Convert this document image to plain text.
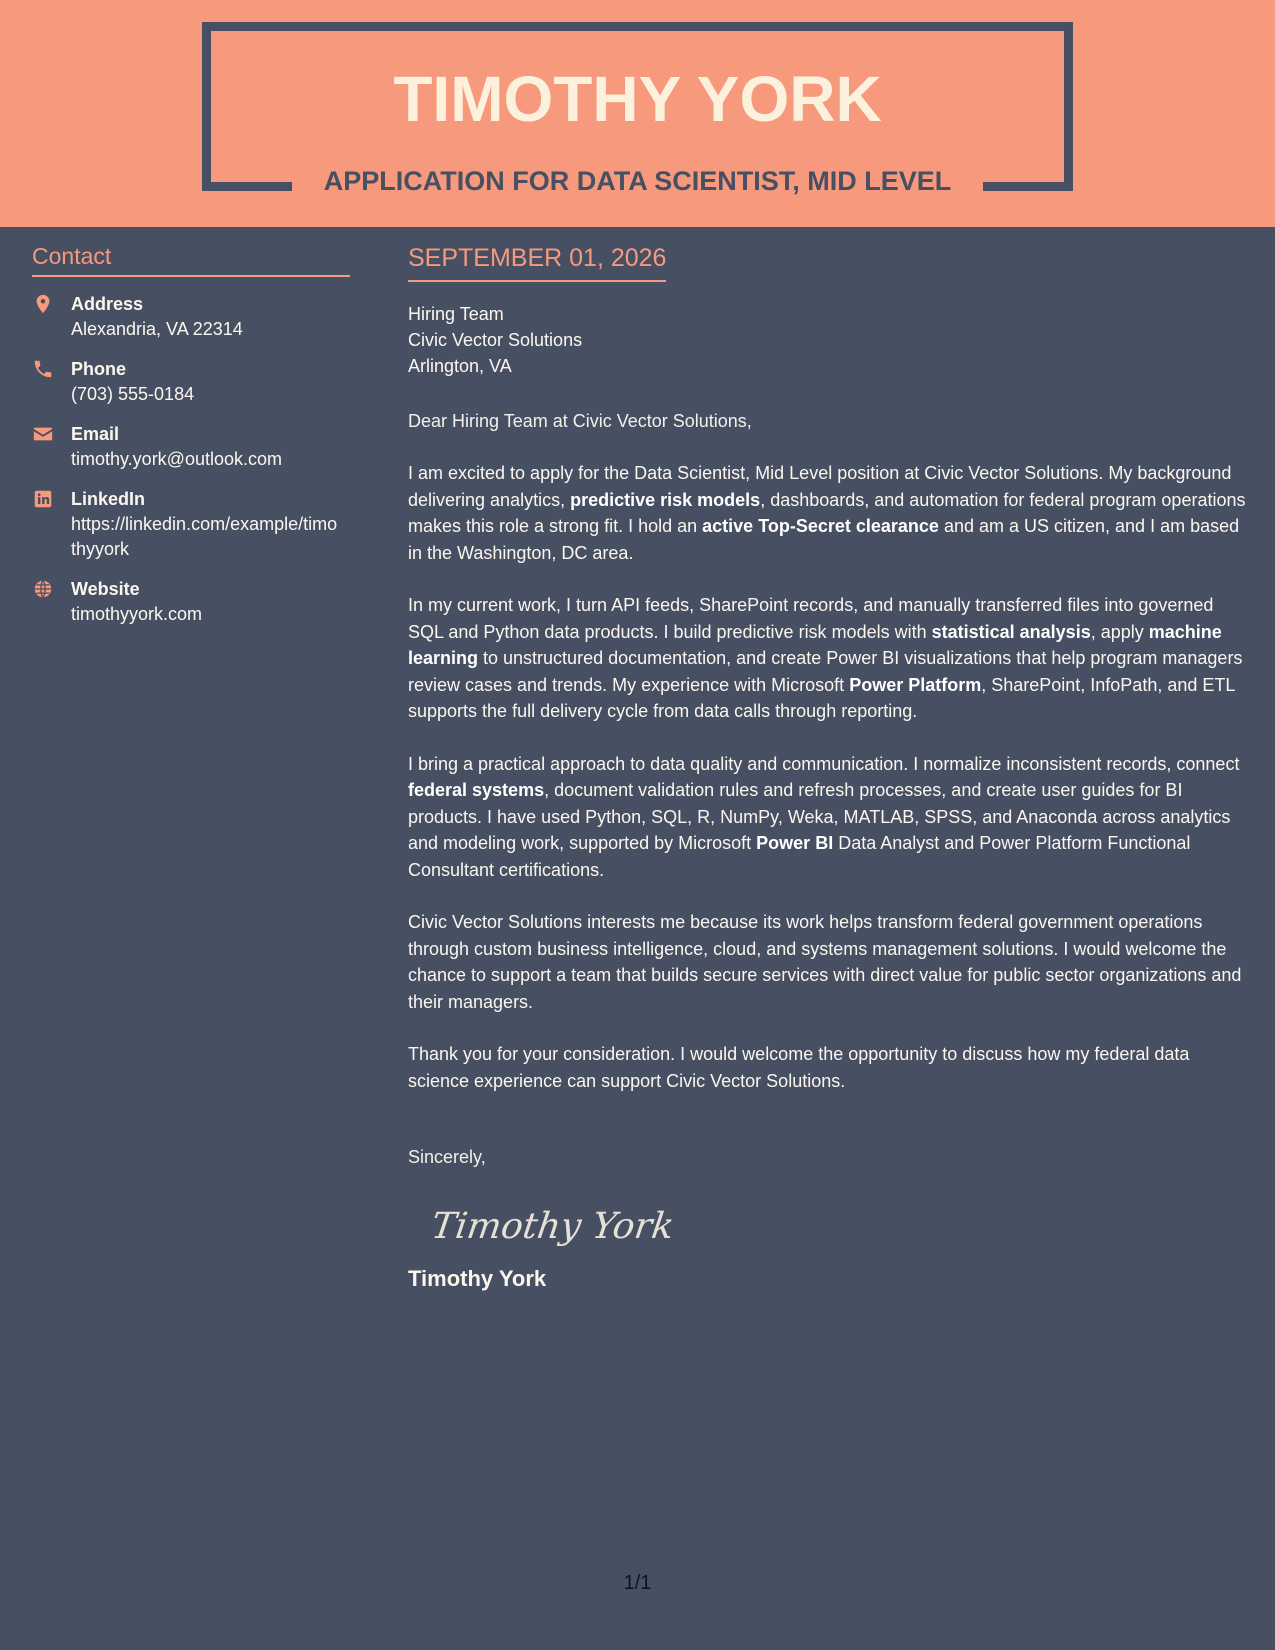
TIMOTHY YORK
APPLICATION FOR DATA SCIENTIST, MID LEVEL
Contact
Address
Alexandria, VA 22314
Phone
(703) 555-0184
Email
timothy.york@outlook.com
LinkedIn
https://linkedin.com/example/timothyyork
Website
timothyyork.com
SEPTEMBER 01, 2026
Hiring Team
Civic Vector Solutions
Arlington, VA
Dear Hiring Team at Civic Vector Solutions,
I am excited to apply for the Data Scientist, Mid Level position at Civic Vector Solutions. My background delivering analytics, predictive risk models, dashboards, and automation for federal program operations makes this role a strong fit. I hold an active Top-Secret clearance and am a US citizen, and I am based in the Washington, DC area.
In my current work, I turn API feeds, SharePoint records, and manually transferred files into governed SQL and Python data products. I build predictive risk models with statistical analysis, apply machine learning to unstructured documentation, and create Power BI visualizations that help program managers review cases and trends. My experience with Microsoft Power Platform, SharePoint, InfoPath, and ETL supports the full delivery cycle from data calls through reporting.
I bring a practical approach to data quality and communication. I normalize inconsistent records, connect federal systems, document validation rules and refresh processes, and create user guides for BI products. I have used Python, SQL, R, NumPy, Weka, MATLAB, SPSS, and Anaconda across analytics and modeling work, supported by Microsoft Power BI Data Analyst and Power Platform Functional Consultant certifications.
Civic Vector Solutions interests me because its work helps transform federal government operations through custom business intelligence, cloud, and systems management solutions. I would welcome the chance to support a team that builds secure services with direct value for public sector organizations and their managers.
Thank you for your consideration. I would welcome the opportunity to discuss how my federal data science experience can support Civic Vector Solutions.
Sincerely,
Timothy York
Timothy York
1/1
